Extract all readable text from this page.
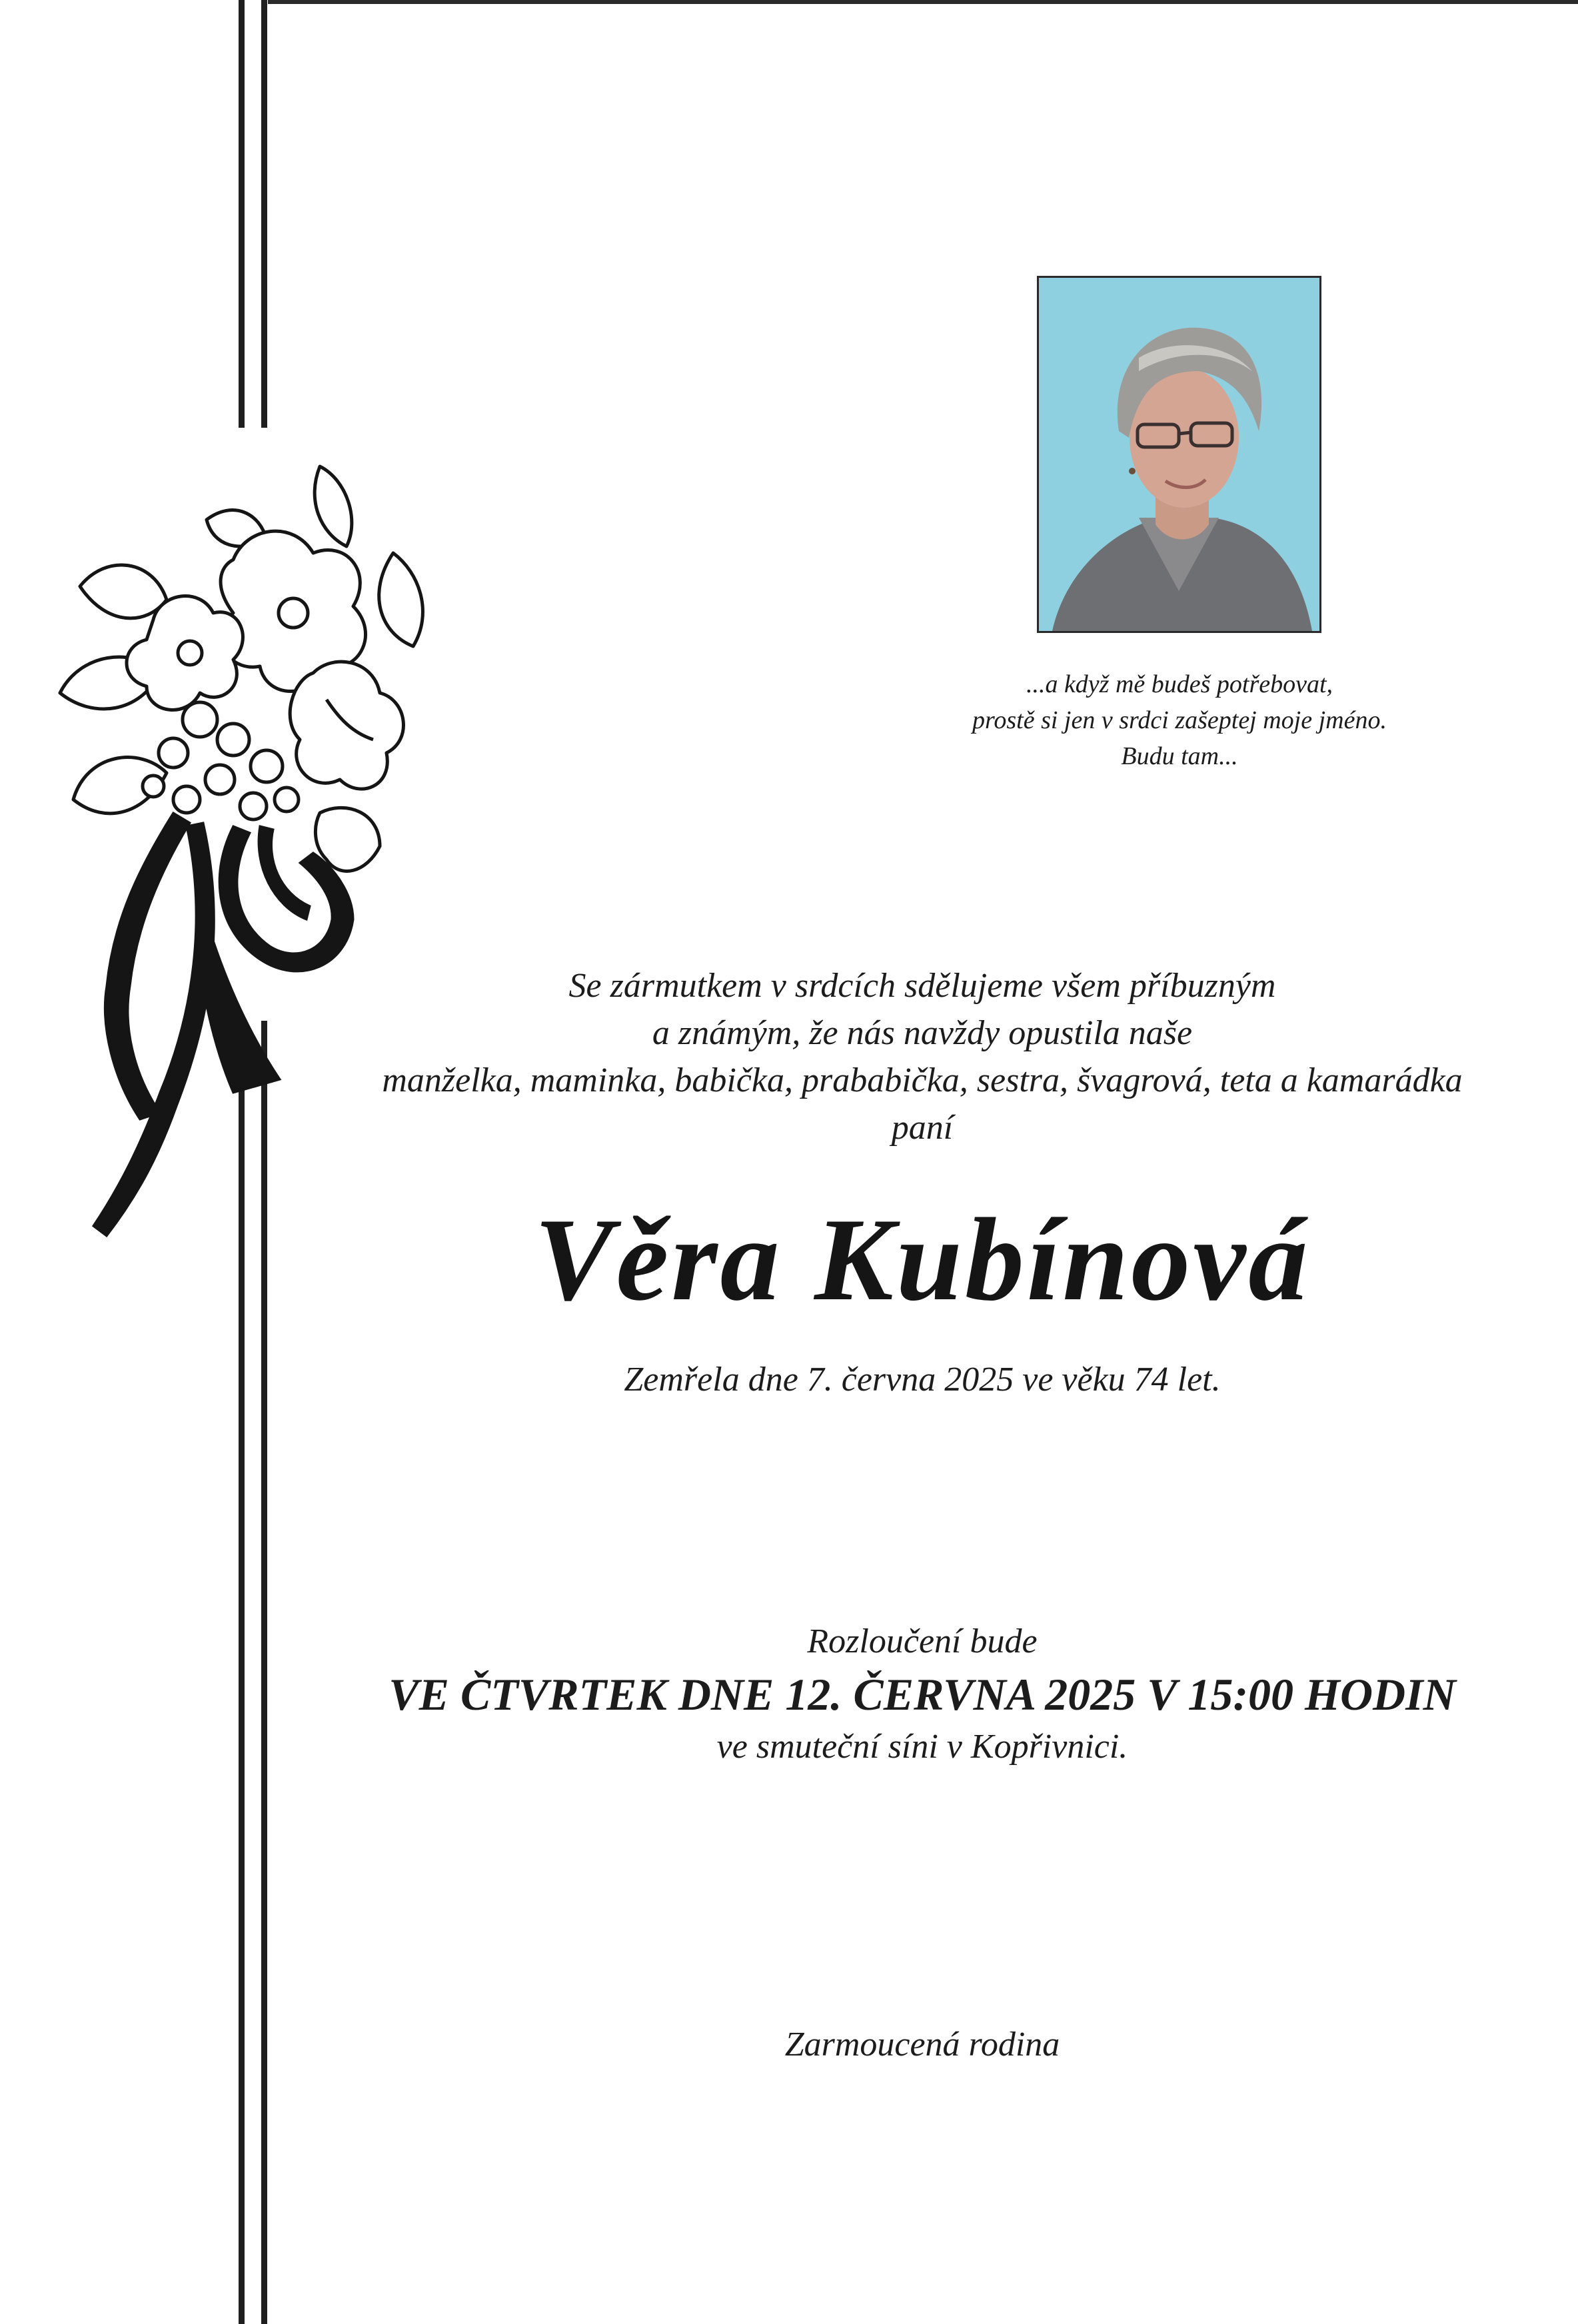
...a když mě budeš potřebovat,
prostě si jen v srdci zašeptej moje jméno.
Budu tam...
Se zármutkem v srdcích sdělujeme všem příbuzným
a známým, že nás navždy opustila naše
manželka, maminka, babička, prababička, sestra, švagrová, teta a kamarádka
paní
Věra Kubínová
Zemřela dne 7. června 2025 ve věku 74 let.
Rozloučení bude
VE ČTVRTEK DNE 12. ČERVNA 2025 V 15:00 HODIN
ve smuteční síni v Kopřivnici.
Zarmoucená rodina
